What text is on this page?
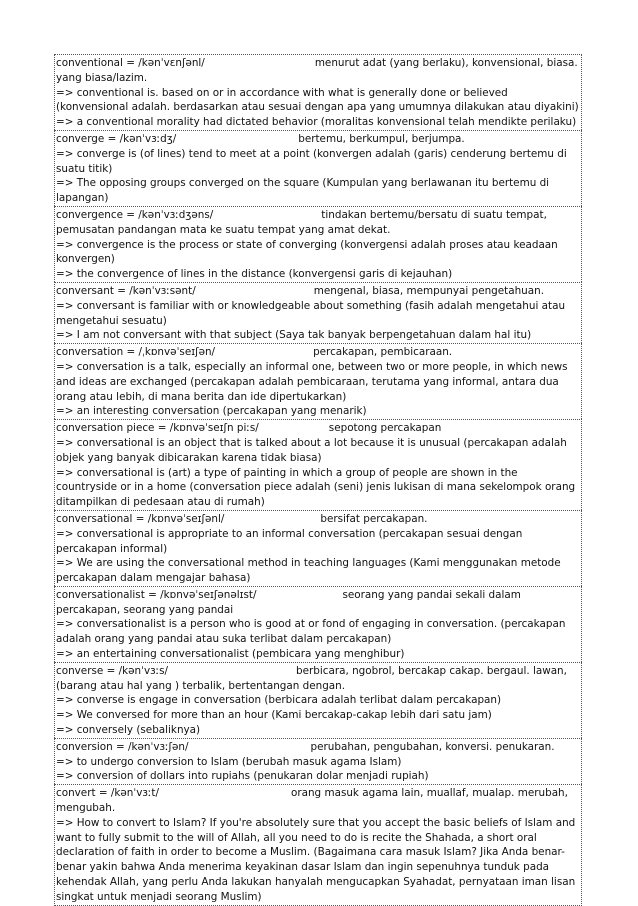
conventional = /kənˈvɛnʃənl/	menurut adat (yang berlaku), konvensional, biasa. yang biasa/lazim.
=> conventional is. based on or in accordance with what is generally done or believed (konvensional adalah. berdasarkan atau sesuai dengan apa yang umumnya dilakukan atau diyakini)
=> a conventional morality had dictated behavior (moralitas konvensional telah mendikte perilaku)
converge = /kənˈvɜːdʒ/	bertemu, berkumpul, berjumpa.
=> converge is (of lines) tend to meet at a point (konvergen adalah (garis) cenderung bertemu di suatu titik)
=> The opposing groups converged on the square (Kumpulan yang berlawanan itu bertemu di lapangan)
convergence = /kənˈvɜːdʒəns/	tindakan bertemu/bersatu di suatu tempat, pemusatan pandangan mata ke suatu tempat yang amat dekat.
=> convergence is the process or state of converging (konvergensi adalah proses atau keadaan konvergen)
=> the convergence of lines in the distance (konvergensi garis di kejauhan)
conversant = /kənˈvɜːsənt/	mengenal, biasa, mempunyai pengetahuan.
=> conversant is familiar with or knowledgeable about something (fasih adalah mengetahui atau mengetahui sesuatu)
=> I am not conversant with that subject (Saya tak banyak berpengetahuan dalam hal itu)
conversation = /ˌkɒnvəˈseɪʃən/	percakapan, pembicaraan.
=> conversation is a talk, especially an informal one, between two or more people, in which news and ideas are exchanged (percakapan adalah pembicaraan, terutama yang informal, antara dua orang atau lebih, di mana berita dan ide dipertukarkan)
=> an interesting conversation (percakapan yang menarik)
conversation piece = /kɒnvəˈseɪʃn piːs/	sepotong percakapan
=> conversational is an object that is talked about a lot because it is unusual (percakapan adalah objek yang banyak dibicarakan karena tidak biasa)
=> conversational is (art) a type of painting in which a group of people are shown in the countryside or in a home (conversation piece adalah (seni) jenis lukisan di mana sekelompok orang ditampilkan di pedesaan atau di rumah)
conversational = /kɒnvəˈseɪʃənl/	bersifat percakapan.
=> conversational is appropriate to an informal conversation (percakapan sesuai dengan percakapan informal)
=> We are using the conversational method in teaching languages (Kami menggunakan metode percakapan dalam mengajar bahasa)
conversationalist = /kɒnvəˈseɪʃənəlɪst/	seorang yang pandai sekali dalam percakapan, seorang yang pandai
=> conversationalist is a person who is good at or fond of engaging in conversation. (percakapan adalah orang yang pandai atau suka terlibat dalam percakapan)
=> an entertaining conversationalist (pembicara yang menghibur)
converse = /kənˈvɜːs/	berbicara, ngobrol, bercakap cakap. bergaul. lawan, (barang atau hal yang ) terbalik, bertentangan dengan.
=> converse is engage in conversation (berbicara adalah terlibat dalam percakapan)
=> We conversed for more than an hour (Kami bercakap-cakap lebih dari satu jam)
=> conversely (sebaliknya)
conversion = /kənˈvɜːʃən/	perubahan, pengubahan, konversi. penukaran.
=> to undergo conversion to Islam (berubah masuk agama Islam)
=> conversion of dollars into rupiahs (penukaran dolar menjadi rupiah)
convert = /kənˈvɜːt/	orang masuk agama lain, muallaf, mualap. merubah, mengubah.
=> How to convert to Islam? If you're absolutely sure that you accept the basic beliefs of Islam and want to fully submit to the will of Allah, all you need to do is recite the Shahada, a short oral declaration of faith in order to become a Muslim. (Bagaimana cara masuk Islam? Jika Anda benar-benar yakin bahwa Anda menerima keyakinan dasar Islam dan ingin sepenuhnya tunduk pada kehendak Allah, yang perlu Anda lakukan hanyalah mengucapkan Syahadat, pernyataan iman lisan singkat untuk menjadi seorang Muslim)
